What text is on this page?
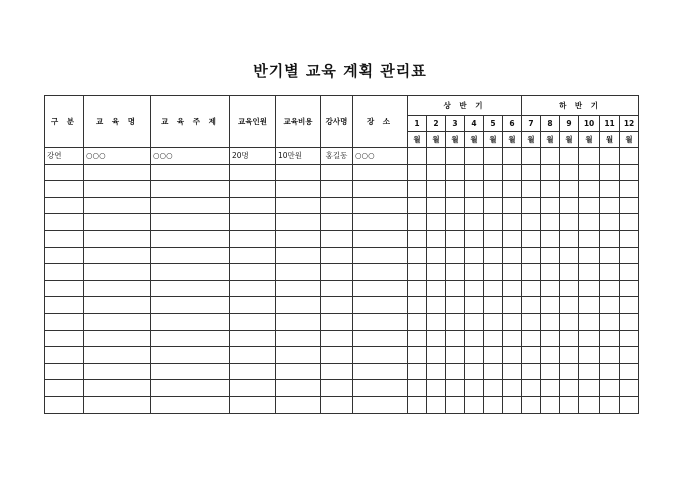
반기별 교육 계획 관리표
구 분	교 육 명	교 육 주 제	교육인원	교육비용	강사명	장 소	상 반 기						하 반 기					
							1	2	3	4	5	6	7	8	9	10	11	12
							월	월	월	월	월	월	월	월	월	월	월	월
강연	○○○	○○○	20명	10만원	홍길동	○○○												
